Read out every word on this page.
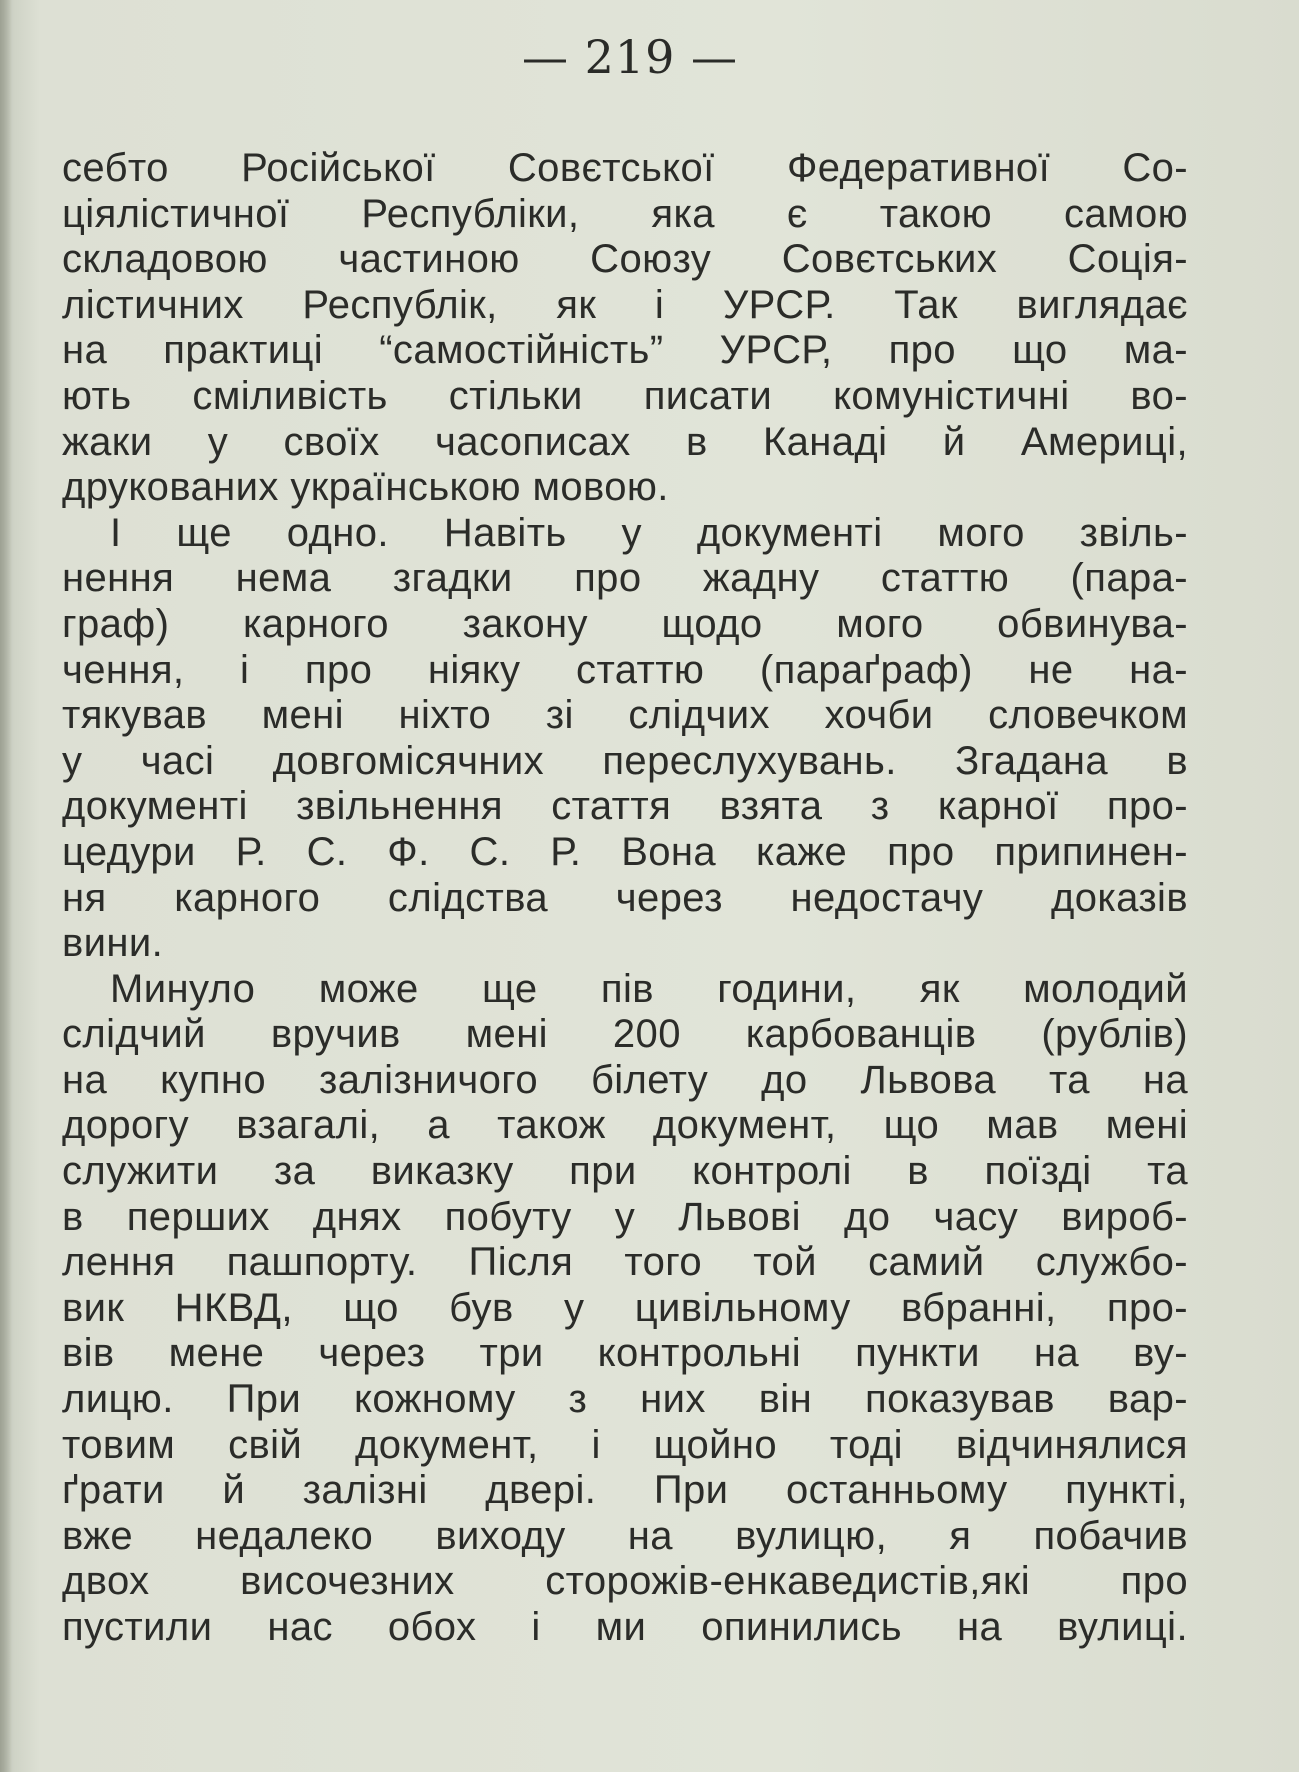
— 219 —
себто Російської Совєтської Федеративної Со-
ціялістичної Республіки, яка є такою самою
складовою частиною Союзу Совєтських Соція-
лістичних Республік, як і УРСР. Так виглядає
на практиці “самостійність” УРСР, про що ма-
ють сміливість стільки писати комуністичні во-
жаки у своїх часописах в Канаді й Америці,
друкованих українською мовою.
І ще одно. Навіть у документі мого звіль-
нення нема згадки про жадну статтю (пара-
граф) карного закону щодо мого обвинува-
чення, і про ніяку статтю (параґраф) не на-
тякував мені ніхто зі слідчих хочби словечком
у часі довгомісячних переслухувань. Згадана в
документі звільнення стаття взята з карної про-
цедури Р. С. Ф. С. Р. Вона каже про припинен-
ня карного слідства через недостачу доказів
вини.
Минуло може ще пів години, як молодий
слідчий вручив мені 200 карбованців (рублів)
на купно залізничого білету до Львова та на
дорогу взагалі, а також документ, що мав мені
служити за виказку при контролі в поїзді та
в перших днях побуту у Львові до часу вироб-
лення пашпорту. Після того той самий службо-
вик НКВД, що був у цивільному вбранні, про-
вів мене через три контрольні пункти на ву-
лицю. При кожному з них він показував вар-
товим свій документ, і щойно тоді відчинялися
ґрати й залізні двері. При останньому пункті,
вже недалеко виходу на вулицю, я побачив
двох височезних сторожів-енкаведистів,які про
пустили нас обох і ми опинились на вулиці.
